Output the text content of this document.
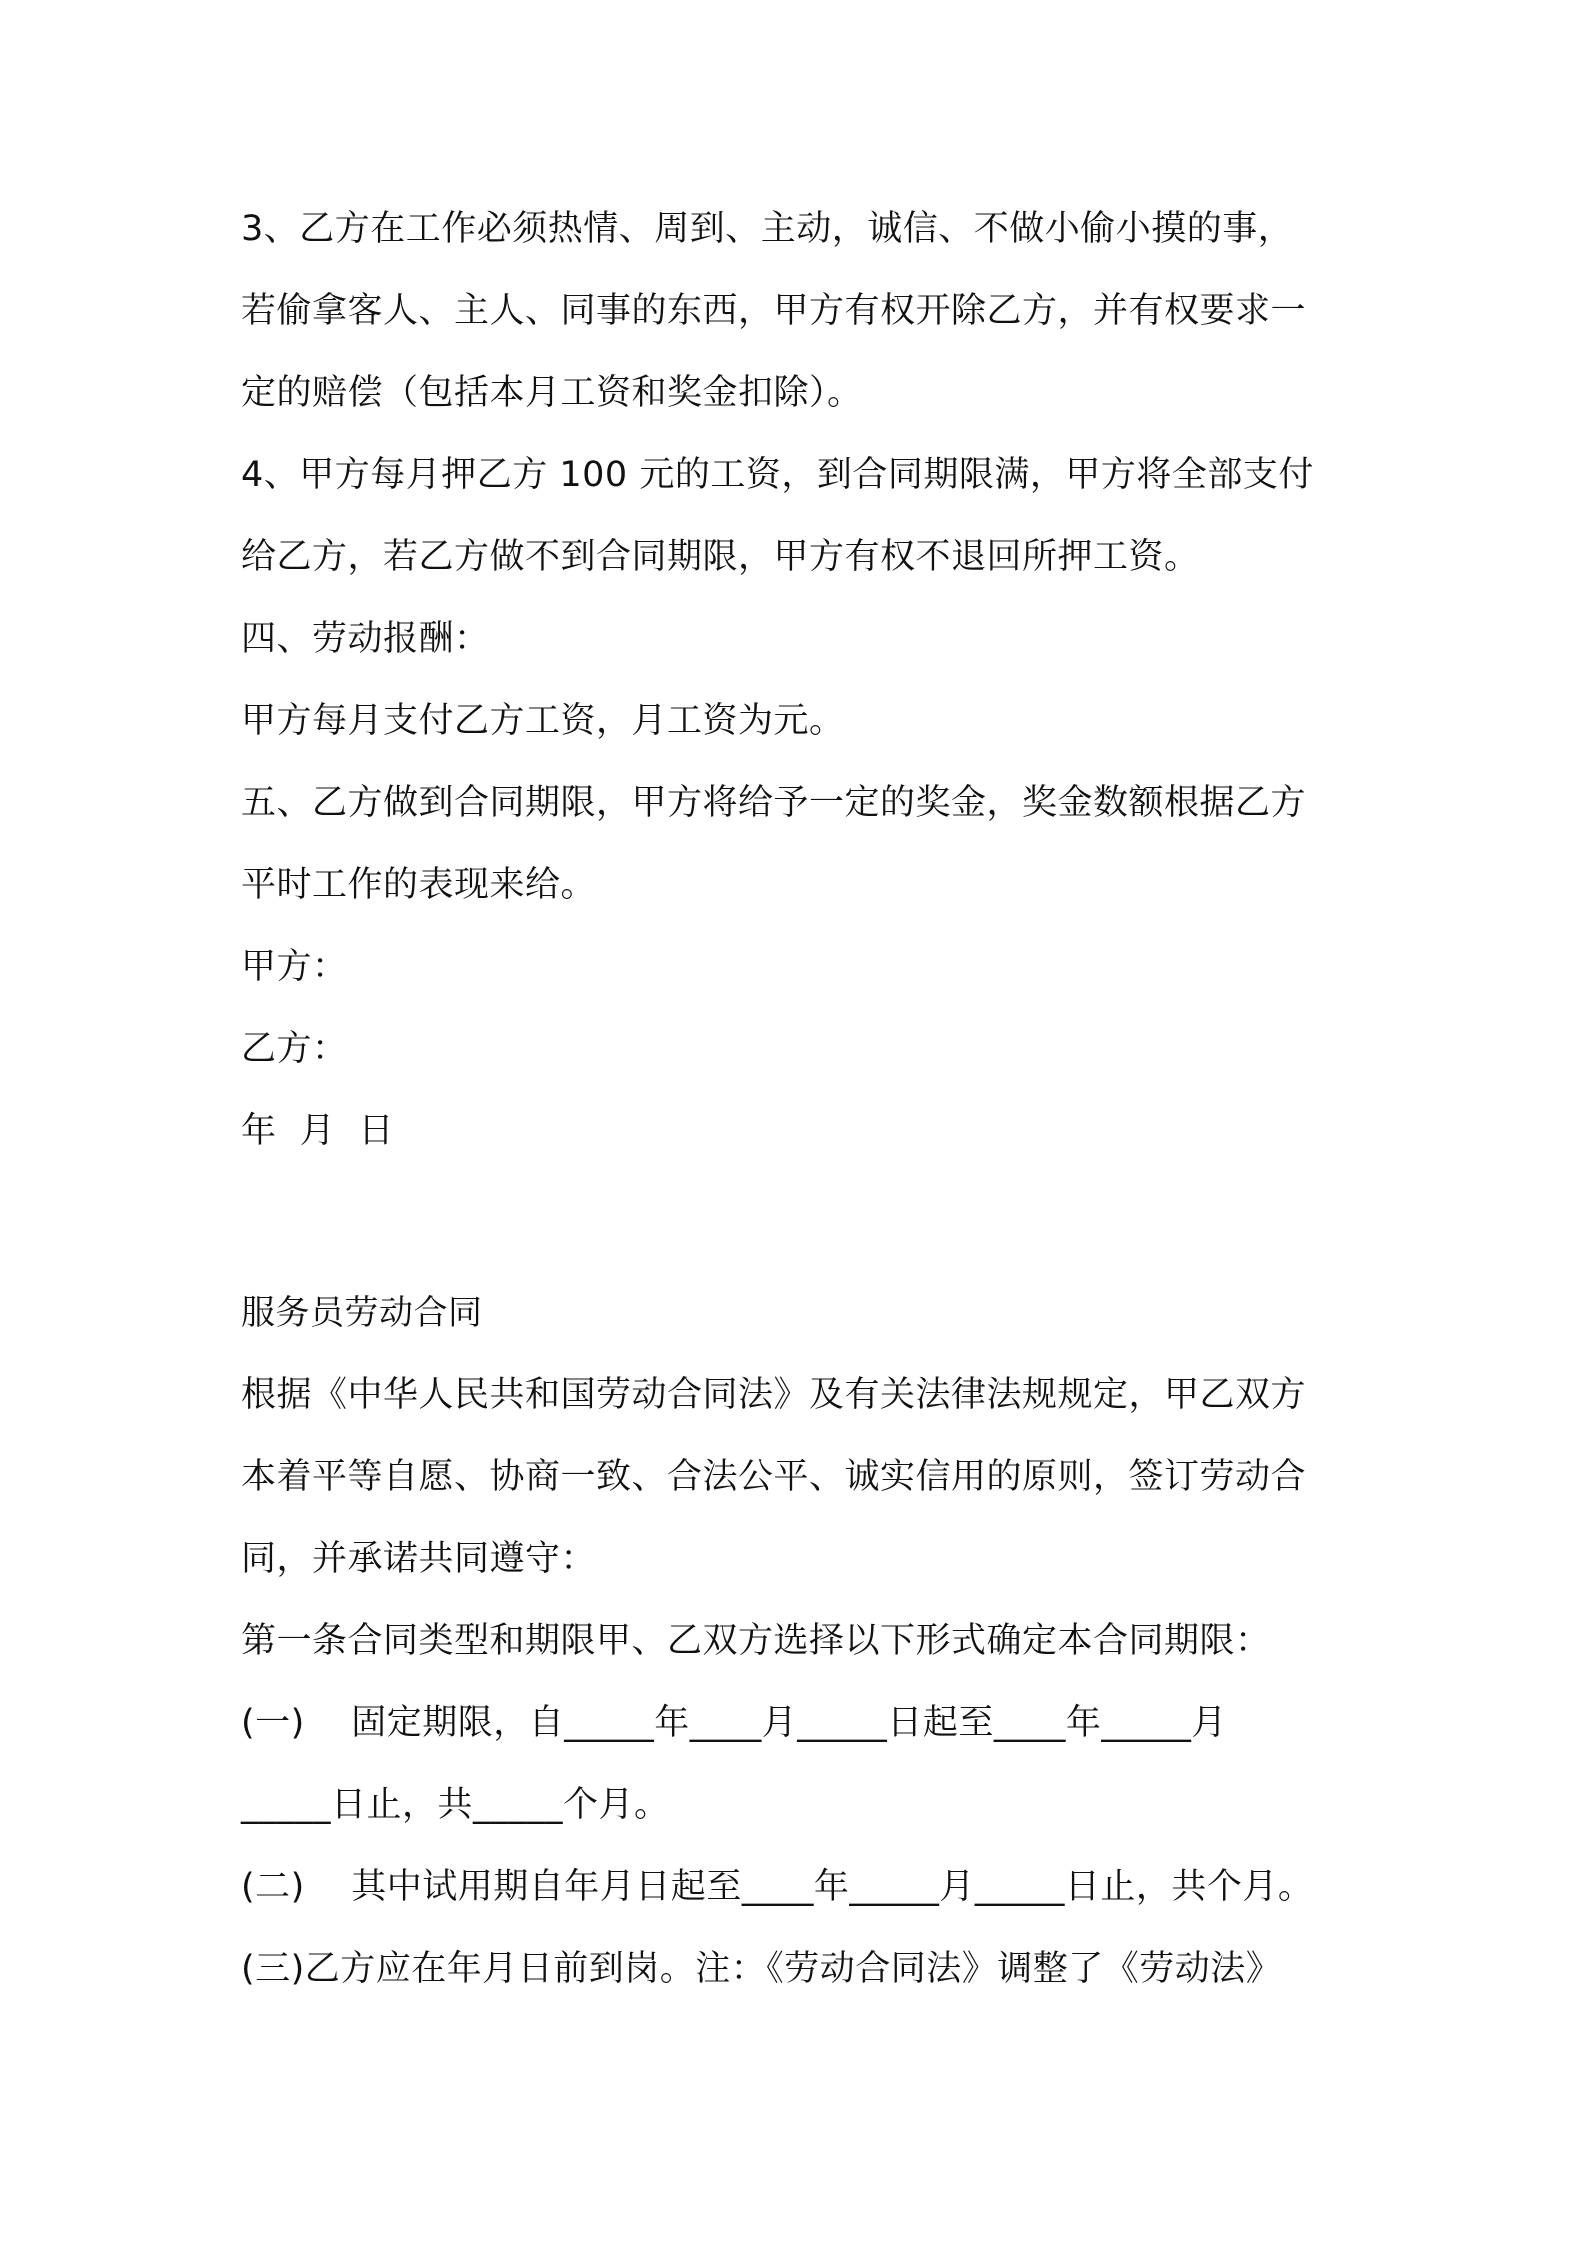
3、乙方在工作必须热情、周到、主动，诚信、不做小偷小摸的事，
若偷拿客人、主人、同事的东西，甲方有权开除乙方，并有权要求一
定的赔偿（包括本月工资和奖金扣除）。
4、甲方每月押乙方 100 元的工资，到合同期限满，甲方将全部支付
给乙方，若乙方做不到合同期限，甲方有权不退回所押工资。
四、劳动报酬：
甲方每月支付乙方工资，月工资为元。
五、乙方做到合同期限，甲方将给予一定的奖金，奖金数额根据乙方
平时工作的表现来给。
甲方：
乙方：
年  月  日
服务员劳动合同
根据《中华人民共和国劳动合同法》及有关法律法规规定，甲乙双方
本着平等自愿、协商一致、合法公平、诚实信用的原则，签订劳动合
同，并承诺共同遵守：
第一条合同类型和期限甲、乙双方选择以下形式确定本合同期限：
(一)    固定期限，自_____年____月_____日起至____年_____月
_____日止，共_____个月。
(二)    其中试用期自年月日起至____年_____月_____日止，共个月。
(三)乙方应在年月日前到岗。注：《劳动合同法》调整了《劳动法》
